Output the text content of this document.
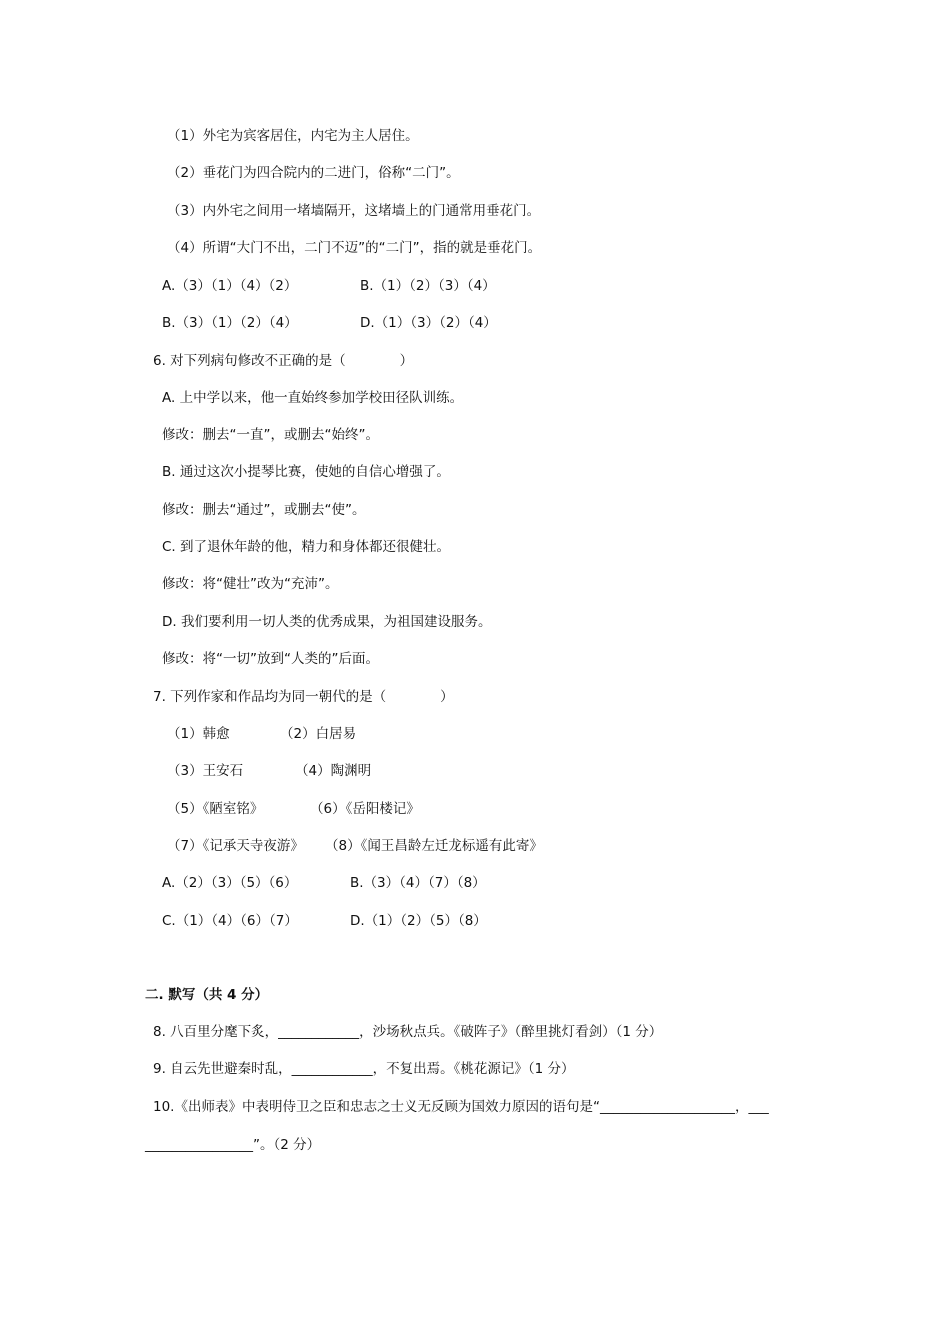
（1）外宅为宾客居住，内宅为主人居住。
（2）垂花门为四合院内的二进门，俗称“二门”。
（3）内外宅之间用一堵墙隔开，这堵墙上的门通常用垂花门。
（4）所谓“大门不出，二门不迈”的“二门”，指的就是垂花门。
A.（3）（1）（4）（2）	B.（1）（2）（3）（4）
B.（3）（1）（2）（4）	D.（1）（3）（2）（4）
6. 对下列病句修改不正确的是（　　　　）
A. 上中学以来，他一直始终参加学校田径队训练。
修改：删去“一直”，或删去“始终”。
B. 通过这次小提琴比赛，使她的自信心增强了。
修改：删去“通过”，或删去“使”。
C. 到了退休年龄的他，精力和身体都还很健壮。
修改：将“健壮”改为“充沛”。
D. 我们要利用一切人类的优秀成果，为祖国建设服务。
修改：将“一切”放到“人类的”后面。
7. 下列作家和作品均为同一朝代的是（　　　　）
（1）韩愈	（2）白居易
（3）王安石	（4）陶渊明
（5）《陋室铭》	（6）《岳阳楼记》
（7）《记承天寺夜游》 （8）《闻王昌龄左迁龙标遥有此寄》
A.（2）（3）（5）（6）	B.（3）（4）（7）（8）
C.（1）（4）（6）（7）	D.（1）（2）（5）（8）
二. 默写（共 4 分）
8. 八百里分麾下炙，____________，沙场秋点兵。《破阵子》（醉里挑灯看剑）（1 分）
9. 自云先世避秦时乱，____________，不复出焉。《桃花源记》（1 分）
10.《出师表》中表明侍卫之臣和忠志之士义无反顾为国效力原因的语句是“____________________，___
________________”。（2 分）
